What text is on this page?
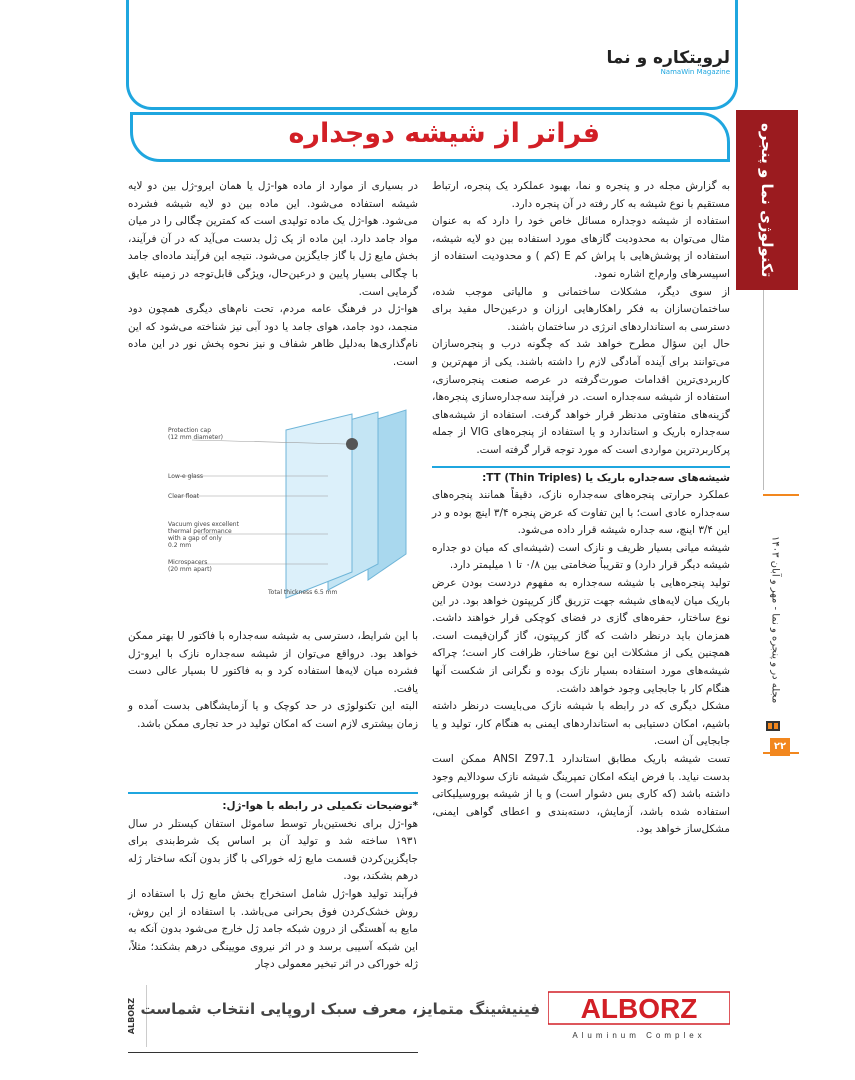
لرویتکاره و نما
NamaWin Magazine
تکنولوژی نما و پنجره
مجله در و پنجره و نما - مهر و آبان ۱۴۰۳
۲۲
فراتر از شیشه دوجداره

به گزارش مجله در و پنجره و نما، بهبود عملکرد یک پنجره، ارتباط مستقیم با نوع شیشه به کار رفته در آن پنجره دارد.

استفاده از شیشه دوجداره مسائل خاص خود را دارد که به عنوان مثال می‌توان به محدودیت گازهای مورد استفاده بین دو لایه شیشه، استفاده از پوشش‌هایی با پراش کم E (کم ) و محدودیت استفاده از اسپیسرهای وارم‌اج اشاره نمود.

از سوی دیگر، مشکلات ساختمانی و مالیاتی موجب شده، ساختمان‌سازان به فکر راهکارهایی ارزان و درعین‌حال مفید برای دسترسی به استانداردهای انرژی در ساختمان باشند.

حال این سؤال مطرح خواهد شد که چگونه درب و پنجره‌سازان می‌توانند برای آینده آمادگی لازم را داشته باشند. یکی از مهم‌ترین و کاربردی‌ترین اقدامات صورت‌گرفته در عرصه صنعت پنجره‌سازی، استفاده از شیشه سه‌جداره است. در فرآیند سه‌جداره‌سازی پنجره‌ها، گزینه‌های متفاوتی مدنظر قرار خواهد گرفت. استفاده از شیشه‌های سه‌جداره باریک و استاندارد و یا استفاده از پنجره‌های VIG از جمله پرکاربردترین مواردی است که مورد توجه قرار گرفته است.

شیشه‌های سه‌جداره باریک یا TT (Thin Triples):

عملکرد حرارتی پنجره‌های سه‌جداره نازک، دقیقاً همانند پنجره‌های سه‌جداره عادی است؛ با این تفاوت که عرض پنجره ۳/۴ اینچ بوده و در این ۳/۴ اینچ، سه جداره شیشه قرار داده می‌شود.

شیشه میانی بسیار ظریف و نازک است (شیشه‌ای که میان دو جداره شیشه دیگر قرار دارد) و تقریباً ضخامتی بین ۰/۸ تا ۱ میلیمتر دارد.

تولید پنجره‌هایی با شیشه سه‌جداره به مفهوم دردست بودن عرض باریک میان لایه‌های شیشه جهت تزریق گاز کریپتون خواهد بود. در این نوع ساختار، حفره‌های گازی در فضای کوچکی قرار خواهند داشت. همزمان باید درنظر داشت که گاز کریپتون، گاز گران‌قیمت است. همچنین یکی از مشکلات این نوع ساختار، ظرافت کار است؛ چراکه شیشه‌های مورد استفاده بسیار نازک بوده و نگرانی از شکست آنها هنگام کار با جابجایی وجود خواهد داشت.

مشکل دیگری که در رابطه با شیشه نازک می‌بایست درنظر داشته باشیم، امکان دستیابی به استانداردهای ایمنی به هنگام کار، تولید و یا جابجایی آن است.

تست شیشه باریک مطابق استاندارد ANSI Z97.1 ممکن است بدست نیاید. با فرض اینکه امکان تمپرینگ شیشه نازک سودالایم وجود داشته باشد (که کاری بس دشوار است) و یا از شیشه بوروسیلیکاتی استفاده شده باشد، آزمایش، دسته‌بندی و اعطای گواهی ایمنی، مشکل‌ساز خواهد بود.

در بسیاری از موارد از ماده هوا-ژل یا همان ایرو-ژل بین دو لایه شیشه استفاده می‌شود. این ماده بین دو لایه شیشه فشرده می‌شود. هوا-ژل یک ماده تولیدی است که کمترین چگالی را در میان مواد جامد دارد. این ماده از یک ژل بدست می‌آید که در آن فرآیند، بخش مایع ژل با گاز جایگزین می‌شود. نتیجه این فرآیند ماده‌ای جامد با چگالی بسیار پایین و درعین‌حال، ویژگی قابل‌توجه در زمینه عایق گرمایی است.

هوا-ژل در فرهنگ عامه مردم، تحت نام‌های دیگری همچون دود منجمد، دود جامد، هوای جامد یا دود آبی نیز شناخته می‌شود که این نام‌گذاری‌ها به‌دلیل ظاهر شفاف و نیز نحوه پخش نور در این ماده است.

Protection cap (12 mm diameter)
Low-e glass
Clear float
Vacuum gives excellent thermal performance with a gap of only 0.2 mm
Microspacers (20 mm apart)
Total thickness 6.5 mm

با این شرایط، دسترسی به شیشه سه‌جداره با فاکتور U بهتر ممکن خواهد بود. درواقع می‌توان از شیشه سه‌جداره نازک با ایرو-ژل فشرده میان لایه‌ها استفاده کرد و به فاکتور U بسیار عالی دست یافت.

البته این تکنولوژی در حد کوچک و یا آزمایشگاهی بدست آمده و زمان بیشتری لازم است که امکان تولید در حد تجاری ممکن باشد.

*توضیحات تکمیلی در رابطه با هوا-ژل:

هوا-ژل برای نخستین‌بار توسط ساموئل استفان کیستلر در سال ۱۹۳۱ ساخته شد و تولید آن بر اساس یک شرط‌بندی برای جایگزین‌کردن قسمت مایع ژله خوراکی با گاز بدون آنکه ساختار ژله درهم بشکند، بود.

فرآیند تولید هوا-ژل شامل استخراج بخش مایع ژل با استفاده از روش خشک‌کردن فوق بحرانی می‌باشد. با استفاده از این روش، مایع به آهستگی از درون شبکه جامد ژل خارج می‌شود بدون آنکه به این شبکه آسیبی برسد و در اثر نیروی مویینگی درهم بشکند؛ مثلاً، ژله خوراکی در اثر تبخیر معمولی دچار

ALBORZ فینیشینگ متمایز، معرف سبک اروپایی انتخاب شماست ALBORZ
Aluminum Complex
